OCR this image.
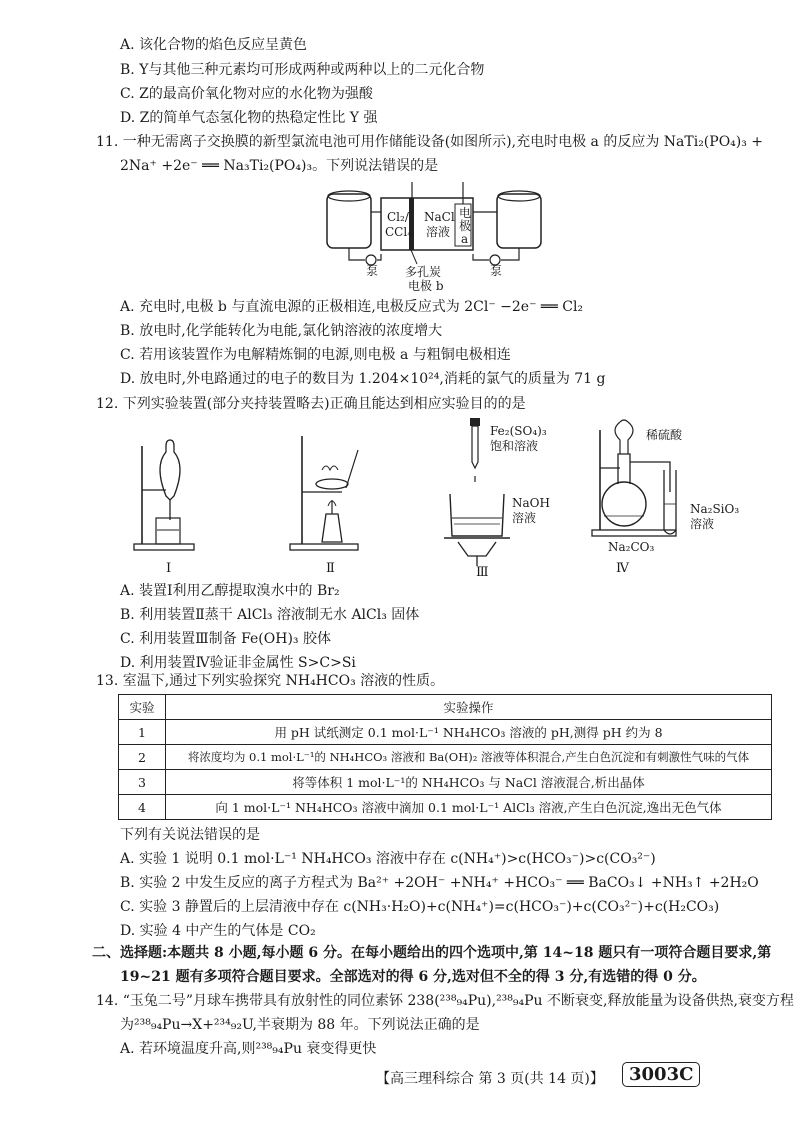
A. 该化合物的焰色反应呈黄色
B. Y与其他三种元素均可形成两种或两种以上的二元化合物
C. Z的最高价氧化物对应的水化物为强酸
D. Z的简单气态氢化物的热稳定性比 Y 强
11. 一种无需离子交换膜的新型氯流电池可用作储能设备(如图所示),充电时电极 a 的反应为 NaTi₂(PO₄)₃ +
2Na⁺ +2e⁻ ══ Na₃Ti₂(PO₄)₃。下列说法错误的是
Cl₂/
CCl₄
NaCl
溶液
电
极
a
泵	泵
多孔炭
电极 b
A. 充电时,电极 b 与直流电源的正极相连,电极反应式为 2Cl⁻ −2e⁻ ══ Cl₂
B. 放电时,化学能转化为电能,氯化钠溶液的浓度增大
C. 若用该装置作为电解精炼铜的电源,则电极 a 与粗铜电极相连
D. 放电时,外电路通过的电子的数目为 1.204×10²⁴,消耗的氯气的质量为 71 g
12. 下列实验装置(部分夹持装置略去)正确且能达到相应实验目的的是
Ⅰ	Ⅱ	Ⅲ	Ⅳ
Fe₂(SO₄)₃
饱和溶液
NaOH
溶液
稀硫酸
Na₂SiO₃
溶液
Na₂CO₃
A. 装置Ⅰ利用乙醇提取溴水中的 Br₂
B. 利用装置Ⅱ蒸干 AlCl₃ 溶液制无水 AlCl₃ 固体
C. 利用装置Ⅲ制备 Fe(OH)₃ 胶体
D. 利用装置Ⅳ验证非金属性 S>C>Si
13. 室温下,通过下列实验探究 NH₄HCO₃ 溶液的性质。
实验	实验操作
1	用 pH 试纸测定 0.1 mol·L⁻¹ NH₄HCO₃ 溶液的 pH,测得 pH 约为 8
2	将浓度均为 0.1 mol·L⁻¹的 NH₄HCO₃ 溶液和 Ba(OH)₂ 溶液等体积混合,产生白色沉淀和有刺激性气味的气体
3	将等体积 1 mol·L⁻¹的 NH₄HCO₃ 与 NaCl 溶液混合,析出晶体
4	向 1 mol·L⁻¹ NH₄HCO₃ 溶液中滴加 0.1 mol·L⁻¹ AlCl₃ 溶液,产生白色沉淀,逸出无色气体
下列有关说法错误的是
A. 实验 1 说明 0.1 mol·L⁻¹ NH₄HCO₃ 溶液中存在 c(NH₄⁺)>c(HCO₃⁻)>c(CO₃²⁻)
B. 实验 2 中发生反应的离子方程式为 Ba²⁺ +2OH⁻ +NH₄⁺ +HCO₃⁻ ══ BaCO₃↓ +NH₃↑ +2H₂O
C. 实验 3 静置后的上层清液中存在 c(NH₃·H₂O)+c(NH₄⁺)=c(HCO₃⁻)+c(CO₃²⁻)+c(H₂CO₃)
D. 实验 4 中产生的气体是 CO₂
二、选择题:本题共 8 小题,每小题 6 分。在每小题给出的四个选项中,第 14~18 题只有一项符合题目要求,第
19~21 题有多项符合题目要求。全部选对的得 6 分,选对但不全的得 3 分,有选错的得 0 分。
14. “玉兔二号”月球车携带具有放射性的同位素钚 238(²³⁸₉₄Pu),²³⁸₉₄Pu 不断衰变,释放能量为设备供热,衰变方程
为²³⁸₉₄Pu→X+²³⁴₉₂U,半衰期为 88 年。下列说法正确的是
A. 若环境温度升高,则²³⁸₉₄Pu 衰变得更快
【高三理科综合 第 3 页(共 14 页)】	3003C
